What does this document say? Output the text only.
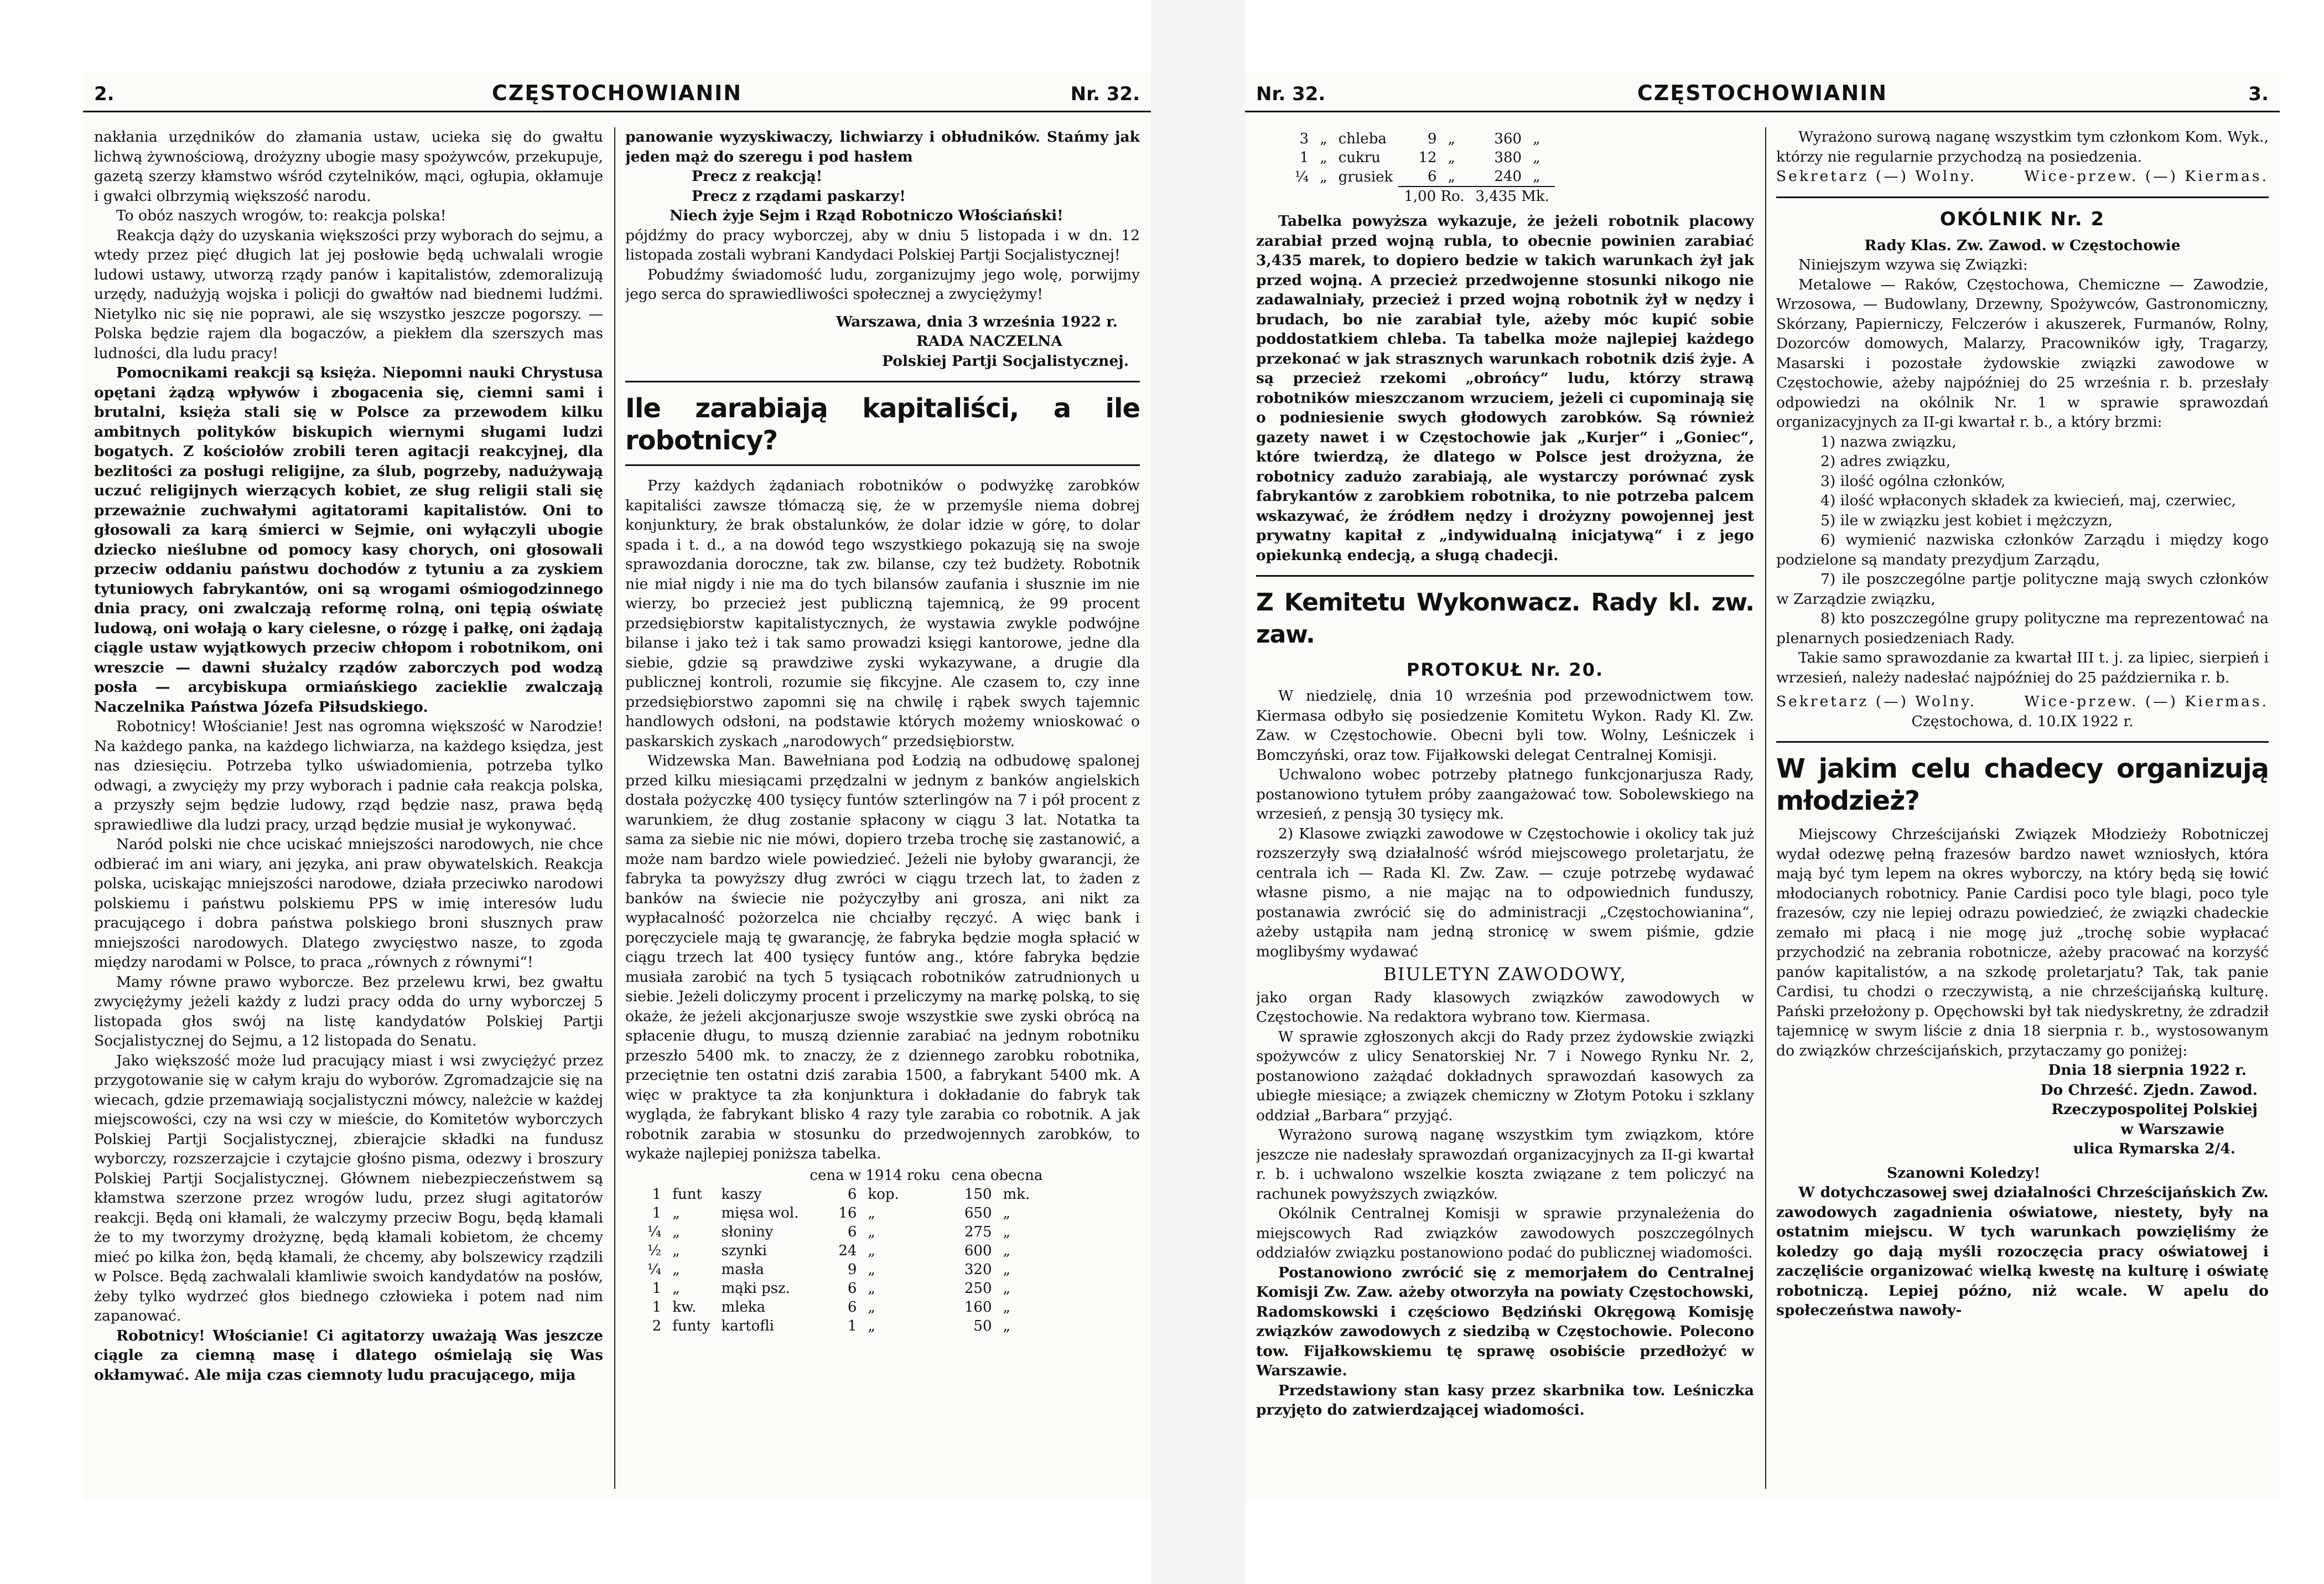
2.	CZĘSTOCHOWIANIN	Nr. 32.

nakłania urzędników do złamania ustaw, ucieka się do gwałtu lichwą żywnościową, drożyzny ubogie masy spożywców, przekupuje, gazetą szerzy kłamstwo wśród czytelników, mąci, ogłupia, okłamuje i gwałci olbrzymią większość narodu.

To obóz naszych wrogów, to: reakcja polska!

Reakcja dąży do uzyskania większości przy wyborach do sejmu, a wtedy przez pięć długich lat jej posłowie będą uchwalali wrogie ludowi ustawy, utworzą rządy panów i kapitalistów, zdemoralizują urzędy, nadużyją wojska i policji do gwałtów nad biednemi ludźmi. Nietylko nic się nie poprawi, ale się wszystko jeszcze pogorszy. — Polska będzie rajem dla bogaczów, a piekłem dla szerszych mas ludności, dla ludu pracy!

Pomocnikami reakcji są księża. Niepomni nauki Chrystusa opętani żądzą wpływów i zbogacenia się, ciemni sami i brutalni, księża stali się w Polsce za przewodem kilku ambitnych polityków biskupich wiernymi sługami ludzi bogatych. Z kościołów zrobili teren agitacji reakcyjnej, dla bezlitości za posługi religijne, za ślub, pogrzeby, nadużywają uczuć religijnych wierzących kobiet, ze sług religii stali się przeważnie zuchwałymi agitatorami kapitalistów. Oni to głosowali za karą śmierci w Sejmie, oni wyłączyli ubogie dziecko nieślubne od pomocy kasy chorych, oni głosowali przeciw oddaniu państwu dochodów z tytuniu a za zyskiem tytuniowych fabrykantów, oni są wrogami ośmiogodzinnego dnia pracy, oni zwalczają reformę rolną, oni tępią oświatę ludową, oni wołają o kary cielesne, o rózgę i pałkę, oni żądają ciągle ustaw wyjątkowych przeciw chłopom i robotnikom, oni wreszcie — dawni służalcy rządów zaborczych pod wodzą posła — arcybiskupa ormiańskiego zacieklie zwalczają Naczelnika Państwa Józefa Piłsudskiego.

Robotnicy! Włościanie! Jest nas ogromna większość w Narodzie! Na każdego panka, na każdego lichwiarza, na każdego księdza, jest nas dziesięciu. Potrzeba tylko uświadomienia, potrzeba tylko odwagi, a zwycięży my przy wyborach i padnie cała reakcja polska, a przyszły sejm będzie ludowy, rząd będzie nasz, prawa będą sprawiedliwe dla ludzi pracy, urząd będzie musiał je wykonywać.

Naród polski nie chce uciskać mniejszości narodowych, nie chce odbierać im ani wiary, ani języka, ani praw obywatelskich. Reakcja polska, uciskając mniejszości narodowe, działa przeciwko narodowi polskiemu i państwu polskiemu PPS w imię interesów ludu pracującego i dobra państwa polskiego broni słusznych praw mniejszości narodowych. Dlatego zwycięstwo nasze, to zgoda między narodami w Polsce, to praca „równych z równymi“!

Mamy równe prawo wyborcze. Bez przelewu krwi, bez gwałtu zwyciężymy jeżeli każdy z ludzi pracy odda do urny wyborczej 5 listopada głos swój na listę kandydatów Polskiej Partji Socjalistycznej do Sejmu, a 12 listopada do Senatu.

Jako większość może lud pracujący miast i wsi zwyciężyć przez przygotowanie się w całym kraju do wyborów. Zgromadzajcie się na wiecach, gdzie przemawiają socjalistyczni mówcy, należcie w każdej miejscowości, czy na wsi czy w mieście, do Komitetów wyborczych Polskiej Partji Socjalistycznej, zbierajcie składki na fundusz wyborczy, rozszerzajcie i czytajcie głośno pisma, odezwy i broszury Polskiej Partji Socjalistycznej. Głównem niebezpieczeństwem są kłamstwa szerzone przez wrogów ludu, przez sługi agitatorów reakcji. Będą oni kłamali, że walczymy przeciw Bogu, będą kłamali że to my tworzymy drożyznę, będą kłamali kobietom, że chcemy mieć po kilka żon, będą kłamali, że chcemy, aby bolszewicy rządzili w Polsce. Będą zachwalali kłamliwie swoich kandydatów na posłów, żeby tylko wydrzeć głos biednego człowieka i potem nad nim zapanować.

Robotnicy! Włościanie! Ci agitatorzy uważają Was jeszcze ciągle za ciemną masę i dlatego ośmielają się Was okłamywać. Ale mija czas ciemnoty ludu pracującego, mija

panowanie wyzyskiwaczy, lichwiarzy i obłudników. Stańmy jak jeden mąż do szeregu i pod hasłem

Precz z reakcją!

Precz z rządami paskarzy!

Niech żyje Sejm i Rząd Robotniczo Włościański!

pójdźmy do pracy wyborczej, aby w dniu 5 listopada i w dn. 12 listopada zostali wybrani Kandydaci Polskiej Partji Socjalistycznej!

Pobudźmy świadomość ludu, zorganizujmy jego wolę, porwijmy jego serca do sprawiedliwości społecznej a zwyciężymy!

Warszawa, dnia 3 września 1922 r.

RADA NACZELNA

Polskiej Partji Socjalistycznej.

Ile zarabiają kapitaliści, a ile robotnicy?

Przy każdych żądaniach robotników o podwyżkę zarobków kapitaliści zawsze tłómaczą się, że w przemyśle niema dobrej konjunktury, że brak obstalunków, że dolar idzie w górę, to dolar spada i t. d., a na dowód tego wszystkiego pokazują się na swoje sprawozdania doroczne, tak zw. bilanse, czy też budżety. Robotnik nie miał nigdy i nie ma do tych bilansów zaufania i słusznie im nie wierzy, bo przecież jest publiczną tajemnicą, że 99 procent przedsiębiorstw kapitalistycznych, że wystawia zwykle podwójne bilanse i jako też i tak samo prowadzi księgi kantorowe, jedne dla siebie, gdzie są prawdziwe zyski wykazywane, a drugie dla publicznej kontroli, rozumie się fikcyjne. Ale czasem to, czy inne przedsiębiorstwo zapomni się na chwilę i rąbek swych tajemnic handlowych odsłoni, na podstawie których możemy wnioskować o paskarskich zyskach „narodowych“ przedsiębiorstw.

Widzewska Man. Bawełniana pod Łodzią na odbudowę spalonej przed kilku miesiącami przędzalni w jednym z banków angielskich dostała pożyczkę 400 tysięcy funtów szterlingów na 7 i pół procent z warunkiem, że dług zostanie spłacony w ciągu 3 lat. Notatka ta sama za siebie nic nie mówi, dopiero trzeba trochę się zastanowić, a może nam bardzo wiele powiedzieć. Jeżeli nie byłoby gwarancji, że fabryka ta powyższy dług zwróci w ciągu trzech lat, to żaden z banków na świecie nie pożyczyłby ani grosza, ani nikt za wypłacalność pożorzelca nie chciałby ręczyć. A więc bank i poręczyciele mają tę gwarancję, że fabryka będzie mogła spłacić w ciągu trzech lat 400 tysięcy funtów ang., które fabryka będzie musiała zarobić na tych 5 tysiącach robotników zatrudnionych u siebie. Jeżeli doliczymy procent i przeliczymy na markę polską, to się okaże, że jeżeli akcjonarjusze swoje wszystkie swe zyski obrócą na spłacenie długu, to muszą dziennie zarabiać na jednym robotniku przeszło 5400 mk. to znaczy, że z dziennego zarobku robotnika, przeciętnie ten ostatni dziś zarabia 1500, a fabrykant 5400 mk. A więc w praktyce ta zła konjunktura i dokładanie do fabryk tak wygląda, że fabrykant blisko 4 razy tyle zarabia co robotnik. A jak robotnik zarabia w stosunku do przedwojennych zarobków, to wykaże najlepiej poniższa tabelka.

			cena w 1914 roku		cena obecna	
1	funt	kaszy	6	kop.	150	mk.
1	„	mięsa wol.	16	„	650	„
¼	„	słoniny	6	„	275	„
½	„	szynki	24	„	600	„
¼	„	masła	9	„	320	„
1	„	mąki psz.	6	„	250	„
1	kw.	mleka	6	„	160	„
2	funty	kartofli	1	„	50	„
Nr. 32.	CZĘSTOCHOWIANIN	3.
3	„	chleba	9	„	360	„
1	„	cukru	12	„	380	„
¼	„	grusiek	6	„	240	„
			1,00 Ro.		3,435 Mk.	

Tabelka powyższa wykazuje, że jeżeli robotnik placowy zarabiał przed wojną rubla, to obecnie powinien zarabiać 3,435 marek, to dopiero bedzie w takich warunkach żył jak przed wojną. A przecież przedwojenne stosunki nikogo nie zadawalniały, przecież i przed wojną robotnik żył w nędzy i brudach, bo nie zarabiał tyle, ażeby móc kupić sobie poddostatkiem chleba. Ta tabelka może najlepiej każdego przekonać w jak strasznych warunkach robotnik dziś żyje. A są przecież rzekomi „obrońcy“ ludu, którzy strawą robotników mieszczanom wrzuciem, jeżeli ci cupominają się o podniesienie swych głodowych zarobków. Są również gazety nawet i w Częstochowie jak „Kurjer“ i „Goniec“, które twierdzą, że dlatego w Polsce jest drożyzna, że robotnicy zadużo zarabiają, ale wystarczy porównać zysk fabrykantów z zarobkiem robotnika, to nie potrzeba palcem wskazywać, że źródłem nędzy i drożyzny powojennej jest prywatny kapitał z „indywidualną inicjatywą“ i z jego opiekunką endecją, a sługą chadecji.

Z Kemitetu Wykonwacz. Rady kl. zw. zaw.
PROTOKUŁ Nr. 20.

W niedzielę, dnia 10 września pod przewodnictwem tow. Kiermasa odbyło się posiedzenie Komitetu Wykon. Rady Kl. Zw. Zaw. w Częstochowie. Obecni byli tow. Wolny, Leśniczek i Bomczyński, oraz tow. Fijałkowski delegat Centralnej Komisji.

Uchwalono wobec potrzeby płatnego funkcjonarjusza Rady, postanowiono tytułem próby zaangażować tow. Sobolewskiego na wrzesień, z pensją 30 tysięcy mk.

2) Klasowe związki zawodowe w Częstochowie i okolicy tak już rozszerzyły swą działalność wśród miejscowego proletarjatu, że centrala ich — Rada Kl. Zw. Zaw. — czuje potrzebę wydawać własne pismo, a nie mając na to odpowiednich funduszy, postanawia zwrócić się do administracji „Częstochowianina“, ażeby ustąpiła nam jedną stronicę w swem piśmie, gdzie moglibyśmy wydawać

BIULETYN ZAWODOWY,

jako organ Rady klasowych związków zawodowych w Częstochowie. Na redaktora wybrano tow. Kiermasa.

W sprawie zgłoszonych akcji do Rady przez żydowskie związki spożywców z ulicy Senatorskiej Nr. 7 i Nowego Rynku Nr. 2, postanowiono zażądać dokładnych sprawozdań kasowych za ubiegłe miesiące; a związek chemiczny w Złotym Potoku i szklany oddział „Barbara“ przyjąć.

Wyrażono surową naganę wszystkim tym związkom, które jeszcze nie nadesłały sprawozdań organizacyjnych za II-gi kwartał r. b. i uchwalono wszelkie koszta związane z tem policzyć na rachunek powyższych związków.

Okólnik Centralnej Komisji w sprawie przynależenia do miejscowych Rad związków zawodowych poszczególnych oddziałów związku postanowiono podać do publicznej wiadomości.

Postanowiono zwrócić się z memorjałem do Centralnej Komisji Zw. Zaw. ażeby otworzyła na powiaty Częstochowski, Radomskowski i częściowo Będziński Okręgową Komisję związków zawodowych z siedzibą w Częstochowie. Polecono tow. Fijałkowskiemu tę sprawę osobiście przedłożyć w Warszawie.

Przedstawiony stan kasy przez skarbnika tow. Leśniczka przyjęto do zatwierdzającej wiadomości.

Wyrażono surową naganę wszystkim tym członkom Kom. Wyk., którzy nie regularnie przychodzą na posiedzenia.

Sekretarz (—) Wolny.	Wice-przew. (—) Kiermas.
OKÓLNIK Nr. 2

Rady Klas. Zw. Zawod. w Częstochowie

Niniejszym wzywa się Związki:

Metalowe — Raków, Częstochowa, Chemiczne — Zawodzie, Wrzosowa, — Budowlany, Drzewny, Spożywców, Gastronomiczny, Skórzany, Papierniczy, Felczerów i akuszerek, Furmanów, Rolny, Dozorców domowych, Malarzy, Pracowników igły, Tragarzy, Masarski i pozostałe żydowskie związki zawodowe w Częstochowie, ażeby najpóźniej do 25 września r. b. przesłały odpowiedzi na okólnik Nr. 1 w sprawie sprawozdań organizacyjnych za II-gi kwartał r. b., a który brzmi:

1) nazwa związku,

2) adres związku,

3) ilość ogólna członków,

4) ilość wpłaconych składek za kwiecień, maj, czerwiec,

5) ile w związku jest kobiet i mężczyzn,

6) wymienić nazwiska członków Zarządu i między kogo podzielone są mandaty prezydjum Zarządu,

7) ile poszczególne partje polityczne mają swych członków w Zarządzie związku,

8) kto poszczególne grupy polityczne ma reprezentować na plenarnych posiedzeniach Rady.

Takie samo sprawozdanie za kwartał III t. j. za lipiec, sierpień i wrzesień, należy nadesłać najpóźniej do 25 października r. b.

Sekretarz (—) Wolny.	Wice-przew. (—) Kiermas.

Częstochowa, d. 10.IX 1922 r.

W jakim celu chadecy organizują młodzież?

Miejscowy Chrześcijański Związek Młodzieży Robotniczej wydał odezwę pełną frazesów bardzo nawet wzniosłych, która mają być tym lepem na okres wyborczy, na który będą się łowić młodocianych robotnicy. Panie Cardisi poco tyle blagi, poco tyle frazesów, czy nie lepiej odrazu powiedzieć, że związki chadeckie zemało mi płacą i nie mogę już „trochę sobie wypłacać przychodzić na zebrania robotnicze, ażeby pracować na korzyść panów kapitalistów, a na szkodę proletarjatu? Tak, tak panie Cardisi, tu chodzi o rzeczywistą, a nie chrześcijańską kulturę. Pański przełożony p. Opęchowski był tak niedyskretny, że zdradził tajemnicę w swym liście z dnia 18 sierpnia r. b., wystosowanym do związków chrześcijańskich, przytaczamy go poniżej:

Dnia 18 sierpnia 1922 r.

Do Chrześć. Zjedn. Zawod.

Rzeczypospolitej Polskiej

w Warszawie

ulica Rymarska 2/4.

Szanowni Koledzy!

W dotychczasowej swej działalności Chrześcijańskich Zw. zawodowych zagadnienia oświatowe, niestety, były na ostatnim miejscu. W tych warunkach powzięliśmy że koledzy go dają myśli rozoczęcia pracy oświatowej i zaczęliście organizować wielką kwestę na kulturę i oświatę robotniczą. Lepiej późno, niż wcale. W apelu do społeczeństwa nawoły-
